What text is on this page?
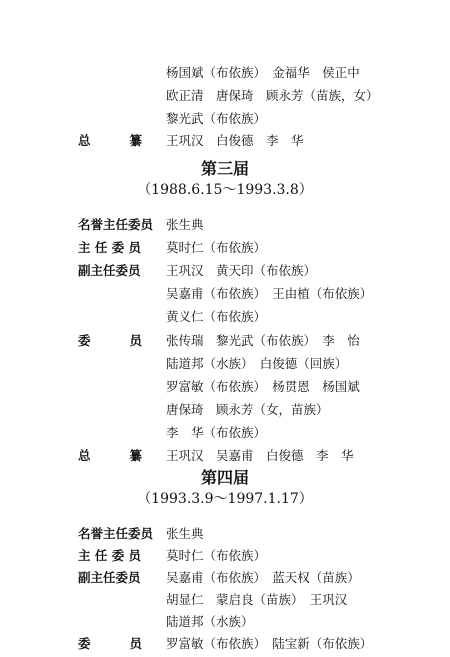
杨国斌（布依族）　金福华　侯正中
欧正清　唐保琦　顾永芳（苗族，女）
黎光武（布依族）
总	纂 王巩汉　白俊德　李　华
第三届
（1988.6.15～1993.3.8）
名誉主任委员 张生典
主 任 委 员	莫时仁（布依族）
副主任委员	王巩汉　黄天印（布依族）
吴嘉甫（布依族）　王由植（布依族）
黄义仁（布依族）
委	员 张传瑞　黎光武（布依族）　李　怡
陆道邦（水族）　白俊德（回族）
罗富敏（布依族）　杨贯恩　杨国斌
唐保琦　顾永芳（女，苗族）
李　华（布依族）
总	纂 王巩汉　吴嘉甫　白俊德　李　华
第四届
（1993.3.9～1997.1.17）
名誉主任委员 张生典
主 任 委 员	莫时仁（布依族）
副主任委员	吴嘉甫（布依族）　蓝天权（苗族）
胡显仁　蒙启良（苗族）　王巩汉
陆道邦（水族）
委	员 罗富敏（布依族）　陆宝新（布依族）
